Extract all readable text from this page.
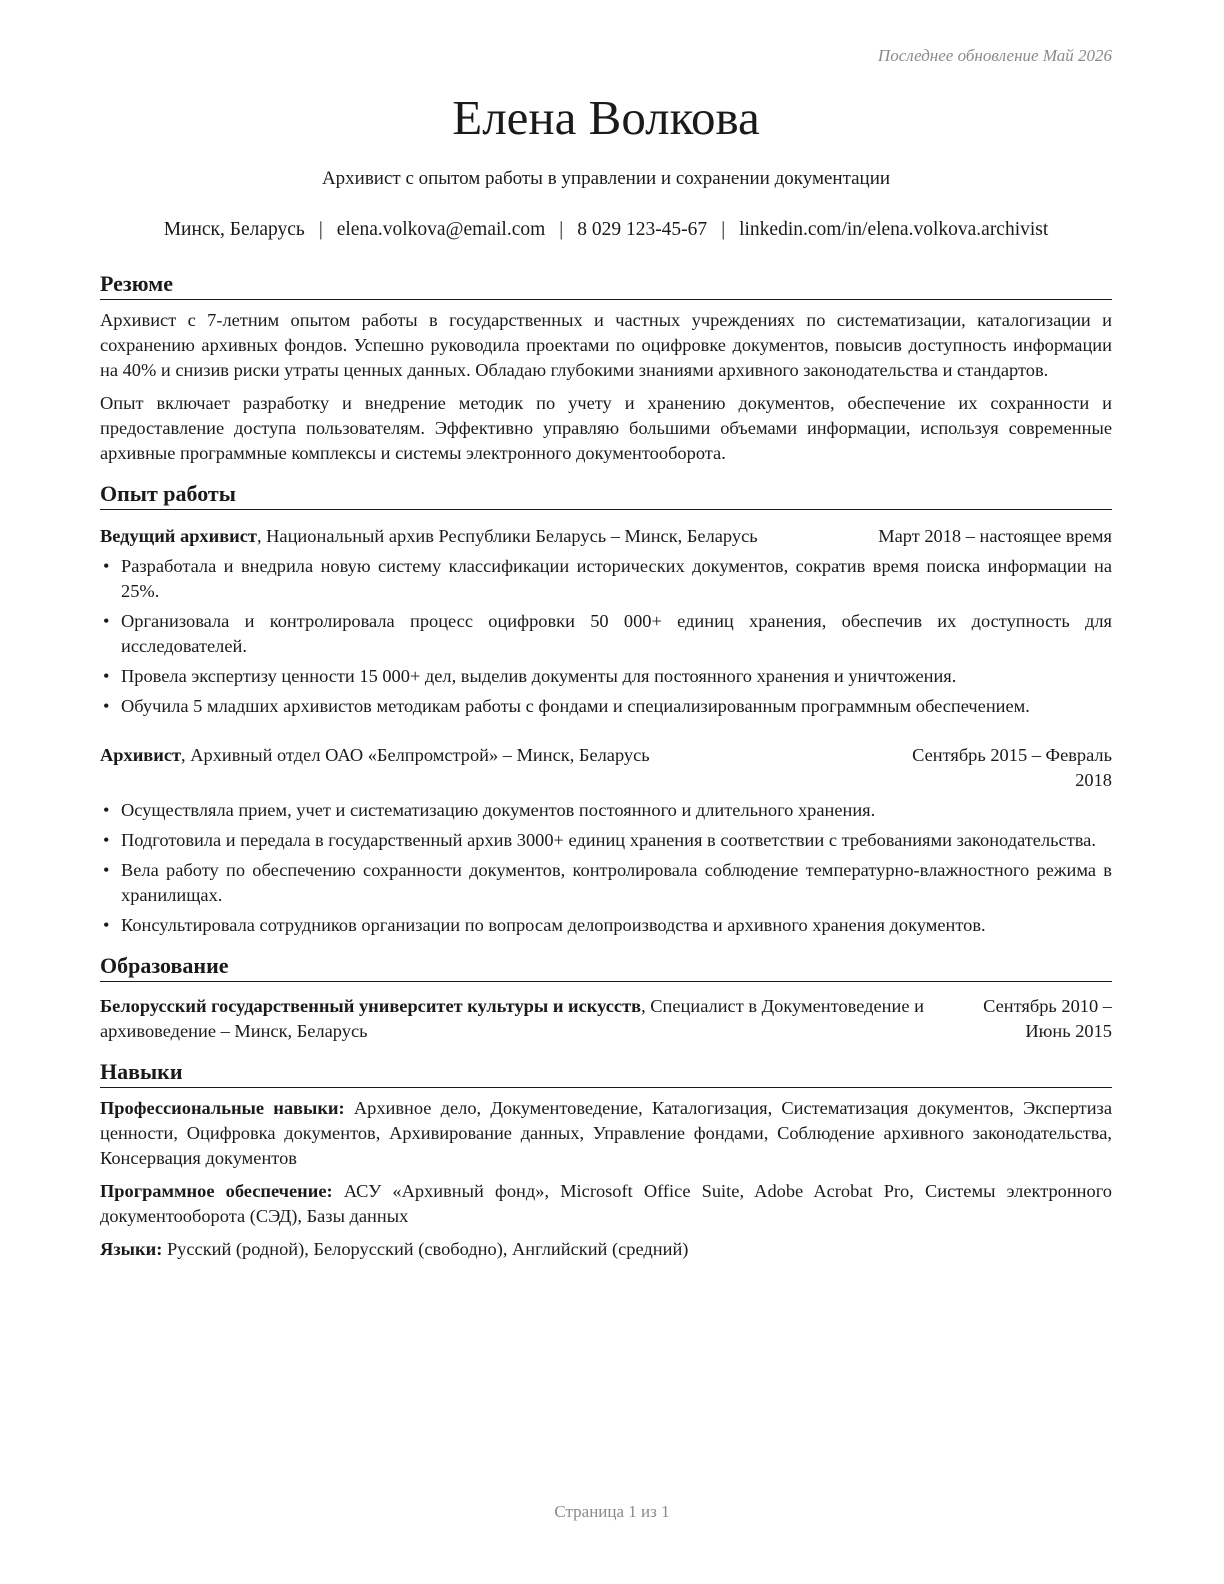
Последнее обновление Май 2026
Елена Волкова
Архивист с опытом работы в управлении и сохранении документации
Минск, Беларусь | elena.volkova@email.com | 8 029 123-45-67 | linkedin.com/in/elena.volkova.archivist
Резюме

Архивист с 7-летним опытом работы в государственных и частных учреждениях по систематизации, каталогизации и сохранению архивных фондов. Успешно руководила проектами по оцифровке документов, повысив доступность информации на 40% и снизив риски утраты ценных данных. Обладаю глубокими знаниями архивного законодательства и стандартов.

Опыт включает разработку и внедрение методик по учету и хранению документов, обеспечение их сохранности и предоставление доступа пользователям. Эффективно управляю большими объемами информации, используя современные архивные программные комплексы и системы электронного документооборота.

Опыт работы
Ведущий архивист, Национальный архив Республики Беларусь – Минск, Беларусь	Март 2018 – настоящее время
• Разработала и внедрила новую систему классификации исторических документов, сократив время поиска информации на 25%.
• Организовала и контролировала процесс оцифровки 50 000+ единиц хранения, обеспечив их доступность для исследователей.
• Провела экспертизу ценности 15 000+ дел, выделив документы для постоянного хранения и уничтожения.
• Обучила 5 младших архивистов методикам работы с фондами и специализированным программным обеспечением.
Архивист, Архивный отдел ОАО «Белпромстрой» – Минск, Беларусь	Сентябрь 2015 – Февраль 2018
• Осуществляла прием, учет и систематизацию документов постоянного и длительного хранения.
• Подготовила и передала в государственный архив 3000+ единиц хранения в соответствии с требованиями законодательства.
• Вела работу по обеспечению сохранности документов, контролировала соблюдение температурно-влажностного режима в хранилищах.
• Консультировала сотрудников организации по вопросам делопроизводства и архивного хранения документов.
Образование
Белорусский государственный университет культуры и искусств, Специалист в Документоведение и архивоведение – Минск, Беларусь
Сентябрь 2010 – Июнь 2015
Навыки
Профессиональные навыки: Архивное дело, Документоведение, Каталогизация, Систематизация документов, Экспертиза ценности, Оцифровка документов, Архивирование данных, Управление фондами, Соблюдение архивного законодательства, Консервация документов
Программное обеспечение: АСУ «Архивный фонд», Microsoft Office Suite, Adobe Acrobat Pro, Системы электронного документооборота (СЭД), Базы данных
Языки: Русский (родной), Белорусский (свободно), Английский (средний)
Страница 1 из 1
